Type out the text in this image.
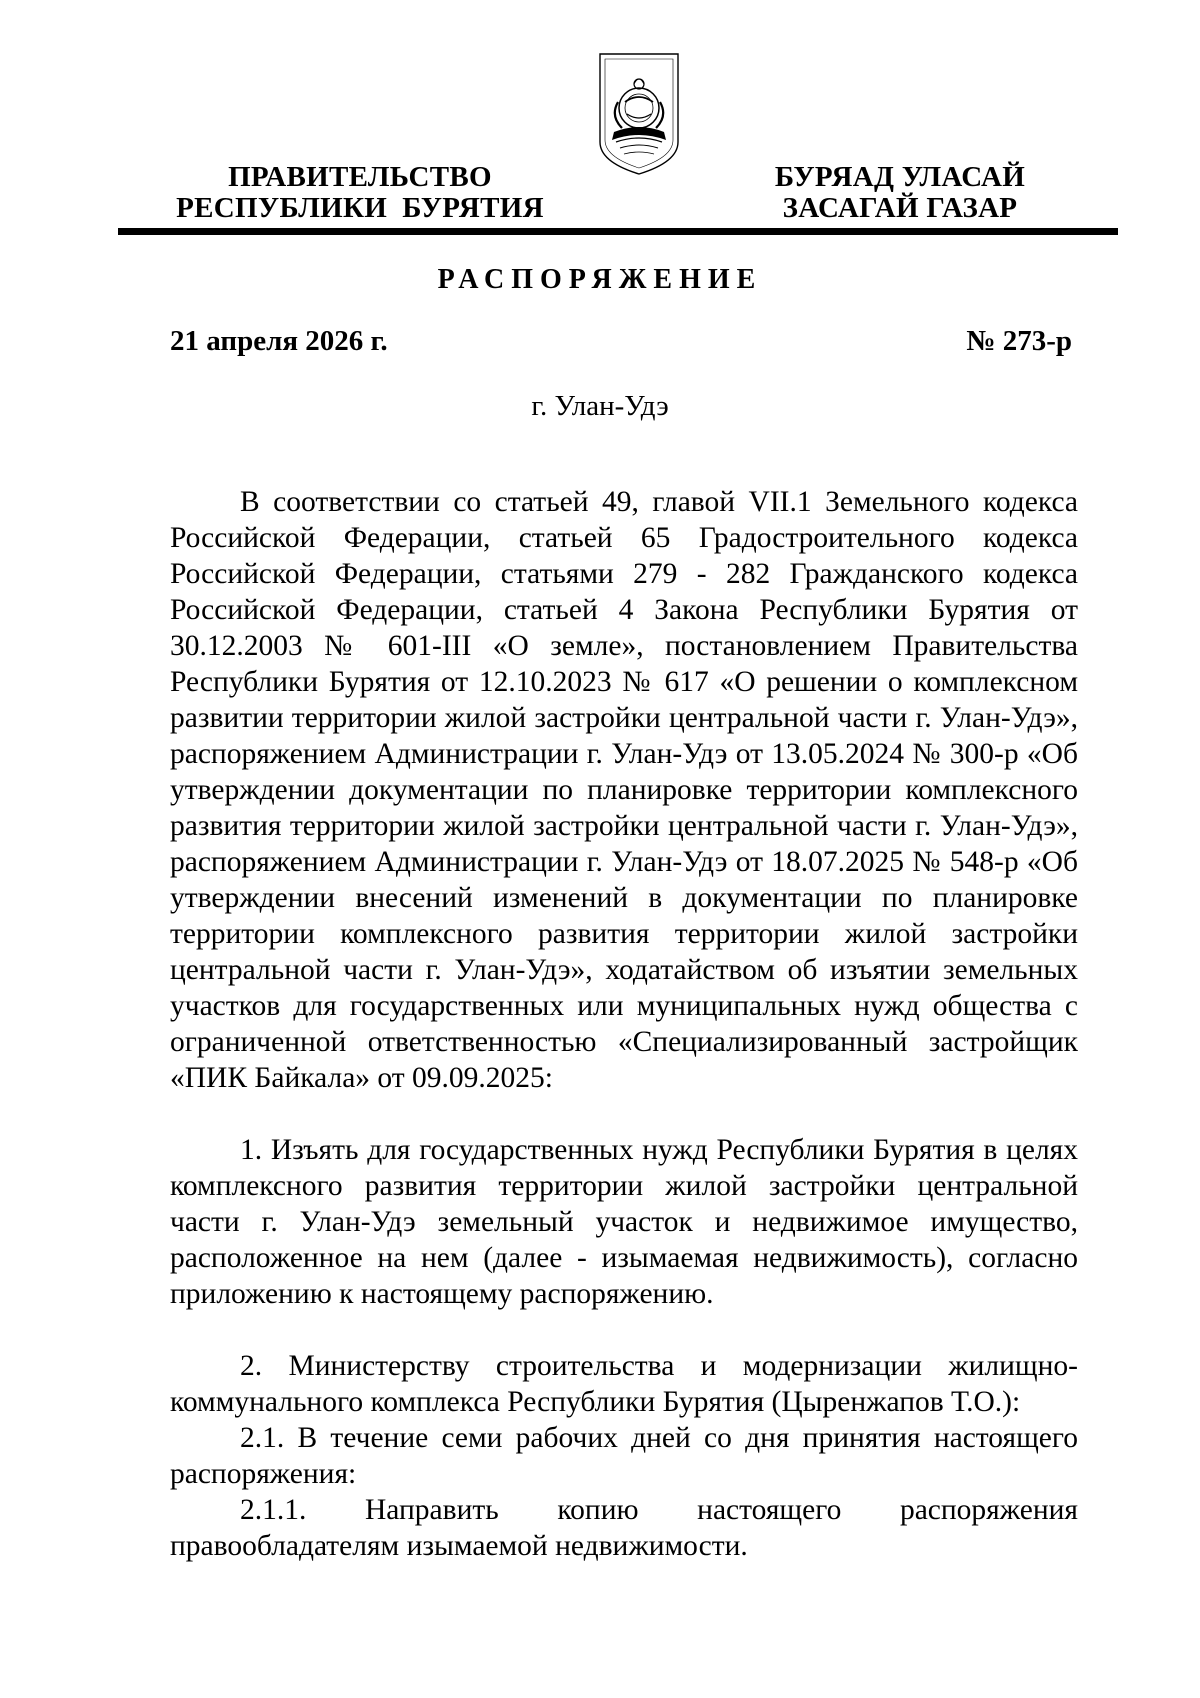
ПРАВИТЕЛЬСТВО
РЕСПУБЛИКИ  БУРЯТИЯ
БУРЯАД УЛАСАЙ
ЗАСАГАЙ ГАЗАР
РАСПОРЯЖЕНИЕ
21 апреля 2026 г.	№ 273-р
г. Улан-Удэ

В соответствии со статьей 49, главой VII.1 Земельного кодекса Российской Федерации, статьей 65 Градостроительного кодекса Российской Федерации, статьями 279 - 282 Гражданского кодекса Российской Федерации, статьей 4 Закона Республики Бурятия от 30.12.2003 № 601-III «О земле», постановлением Правительства Республики Бурятия от 12.10.2023 № 617 «О решении о комплексном развитии территории жилой застройки центральной части г. Улан-Удэ», распоряжением Администрации г. Улан-Удэ от 13.05.2024 № 300-р «Об утверждении документации по планировке территории комплексного развития территории жилой застройки центральной части г. Улан-Удэ», распоряжением Администрации г. Улан-Удэ от 18.07.2025 № 548-р «Об утверждении внесений изменений в документации по планировке территории комплексного развития территории жилой застройки центральной части г. Улан-Удэ», ходатайством об изъятии земельных участков для государственных или муниципальных нужд общества с ограниченной ответственностью «Специализированный застройщик «ПИК Байкала» от 09.09.2025:

1. Изъять для государственных нужд Республики Бурятия в целях комплексного развития территории жилой застройки центральной части г. Улан-Удэ земельный участок и недвижимое имущество, расположенное на нем (далее - изымаемая недвижимость), согласно приложению к настоящему распоряжению.

2. Министерству строительства и модернизации жилищно-коммунального комплекса Республики Бурятия (Цыренжапов Т.О.):

2.1. В течение семи рабочих дней со дня принятия настоящего распоряжения:

2.1.1. Направить копию настоящего распоряжения правообладателям изымаемой недвижимости.
